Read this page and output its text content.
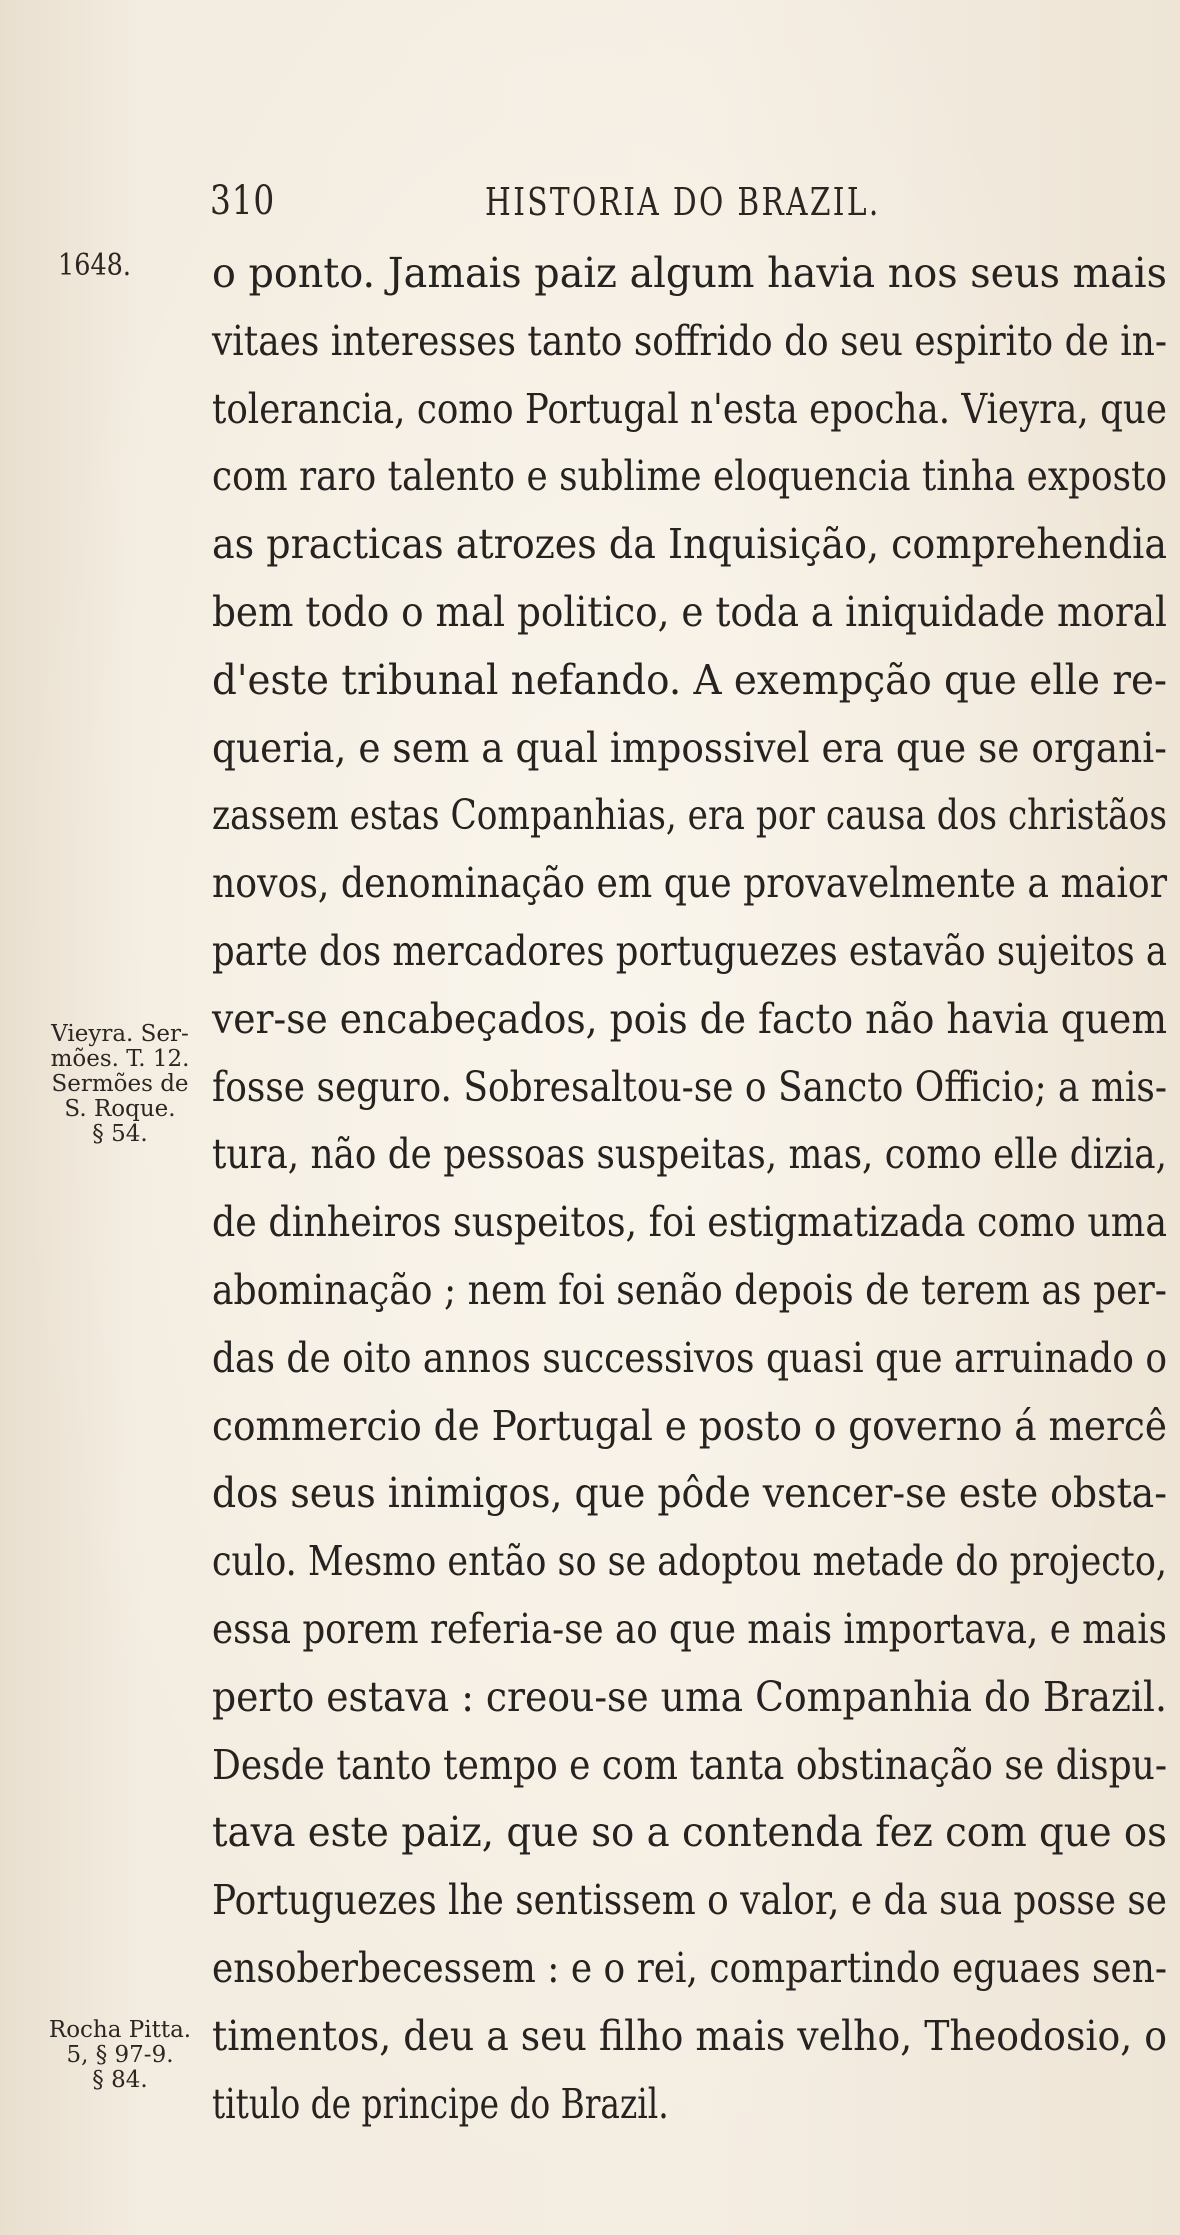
310	HISTORIA DO BRAZIL.
1648.
Vieyra. Ser-
mões. T. 12.
Sermões de
S. Roque.
§ 54.
Rocha Pitta.
5, § 97-9.
§ 84.
o ponto. Jamais paiz algum havia nos seus mais
vitaes interesses tanto soffrido do seu espirito de in-
tolerancia, como Portugal n'esta epocha. Vieyra, que
com raro talento e sublime eloquencia tinha exposto
as practicas atrozes da Inquisição, comprehendia
bem todo o mal politico, e toda a iniquidade moral
d'este tribunal nefando. A exempção que elle re-
queria, e sem a qual impossivel era que se organi-
zassem estas Companhias, era por causa dos christãos
novos, denominação em que provavelmente a maior
parte dos mercadores portuguezes estavão sujeitos a
ver-se encabeçados, pois de facto não havia quem
fosse seguro. Sobresaltou-se o Sancto Officio; a mis-
tura, não de pessoas suspeitas, mas, como elle dizia,
de dinheiros suspeitos, foi estigmatizada como uma
abominação ; nem foi senão depois de terem as per-
das de oito annos successivos quasi que arruinado o
commercio de Portugal e posto o governo á mercê
dos seus inimigos, que pôde vencer-se este obsta-
culo. Mesmo então so se adoptou metade do projecto,
essa porem referia-se ao que mais importava, e mais
perto estava : creou-se uma Companhia do Brazil.
Desde tanto tempo e com tanta obstinação se dispu-
tava este paiz, que so a contenda fez com que os
Portuguezes lhe sentissem o valor, e da sua posse se
ensoberbecessem : e o rei, compartindo eguaes sen-
timentos, deu a seu filho mais velho, Theodosio, o
titulo de principe do Brazil.
